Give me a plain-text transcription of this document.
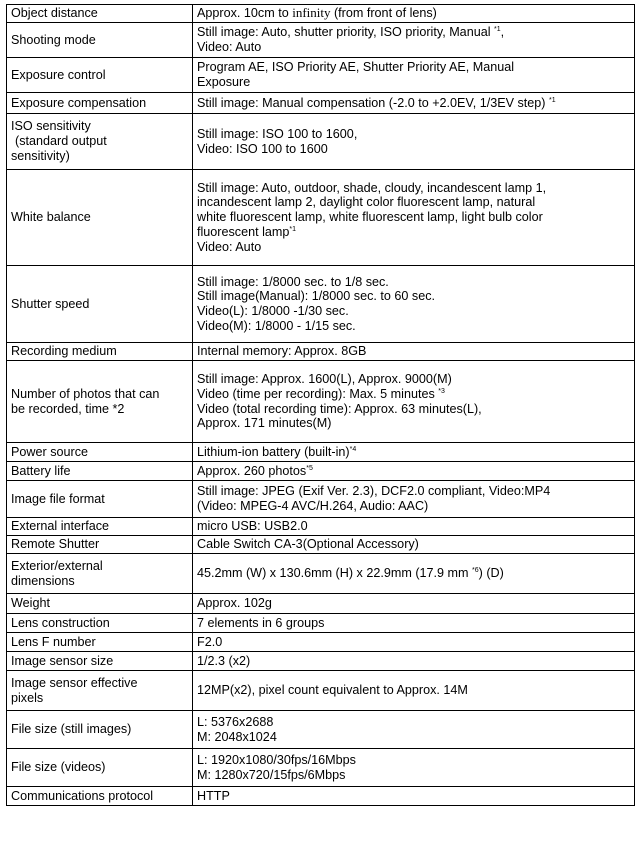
Object distance	Approx. 10cm to infinity (from front of lens)
Shooting mode	Still image: Auto, shutter priority, ISO priority, Manual $^{*1}$,
Video: Auto

Exposure control	Program AE, ISO Priority AE, Shutter Priority AE, Manual
Exposure

Exposure compensation	Still image: Manual compensation (-2.0 to +2.0EV, 1/3EV step) $^{*1}$

ISO sensitivity
(standard output
sensitivity)	Still image: ISO 100 to 1600,
Video: ISO 100 to 1600

White balance	Still image: Auto, outdoor, shade, cloudy, incandescent lamp 1,
incandescent lamp 2, daylight color fluorescent lamp, natural
white fluorescent lamp, white fluorescent lamp, light bulb color
fluorescent lamp$^{*1}$
Video: Auto

Shutter speed	Still image: 1/8000 sec. to 1/8 sec.
Still image(Manual): 1/8000 sec. to 60 sec.
Video(L): 1/8000 -1/30 sec.
Video(M): 1/8000 - 1/15 sec.

Recording medium	Internal memory: Approx. 8GB

Number of photos that can
be recorded, time *2	Still image: Approx. 1600(L), Approx. 9000(M)
Video (time per recording): Max. 5 minutes $^{*3}$
Video (total recording time): Approx. 63 minutes(L),
Approx. 171 minutes(M)

Power source	Lithium-ion battery (built-in)$^{*4}$
Battery life	Approx. 260 photos$^{*5}$
Image file format	Still image: JPEG (Exif Ver. 2.3), DCF2.0 compliant, Video:MP4
(Video: MPEG-4 AVC/H.264, Audio: AAC)

External interface	micro USB: USB2.0
Remote Shutter	Cable Switch CA-3(Optional Accessory)

Exterior/external
dimensions	45.2mm (W) x 130.6mm (H) x 22.9mm (17.9 mm $^{*6}$) (D)
Weight	Approx. 102g
Lens construction	7 elements in 6 groups
Lens F number	F2.0
Image sensor size	1/2.3 (x2)

Image sensor effective
pixels	12MP(x2), pixel count equivalent to Approx. 14M
File size (still images)	L: 5376x2688
M: 2048x1024

File size (videos)	L: 1920x1080/30fps/16Mbps
M: 1280x720/15fps/6Mbps

Communications protocol	HTTP
